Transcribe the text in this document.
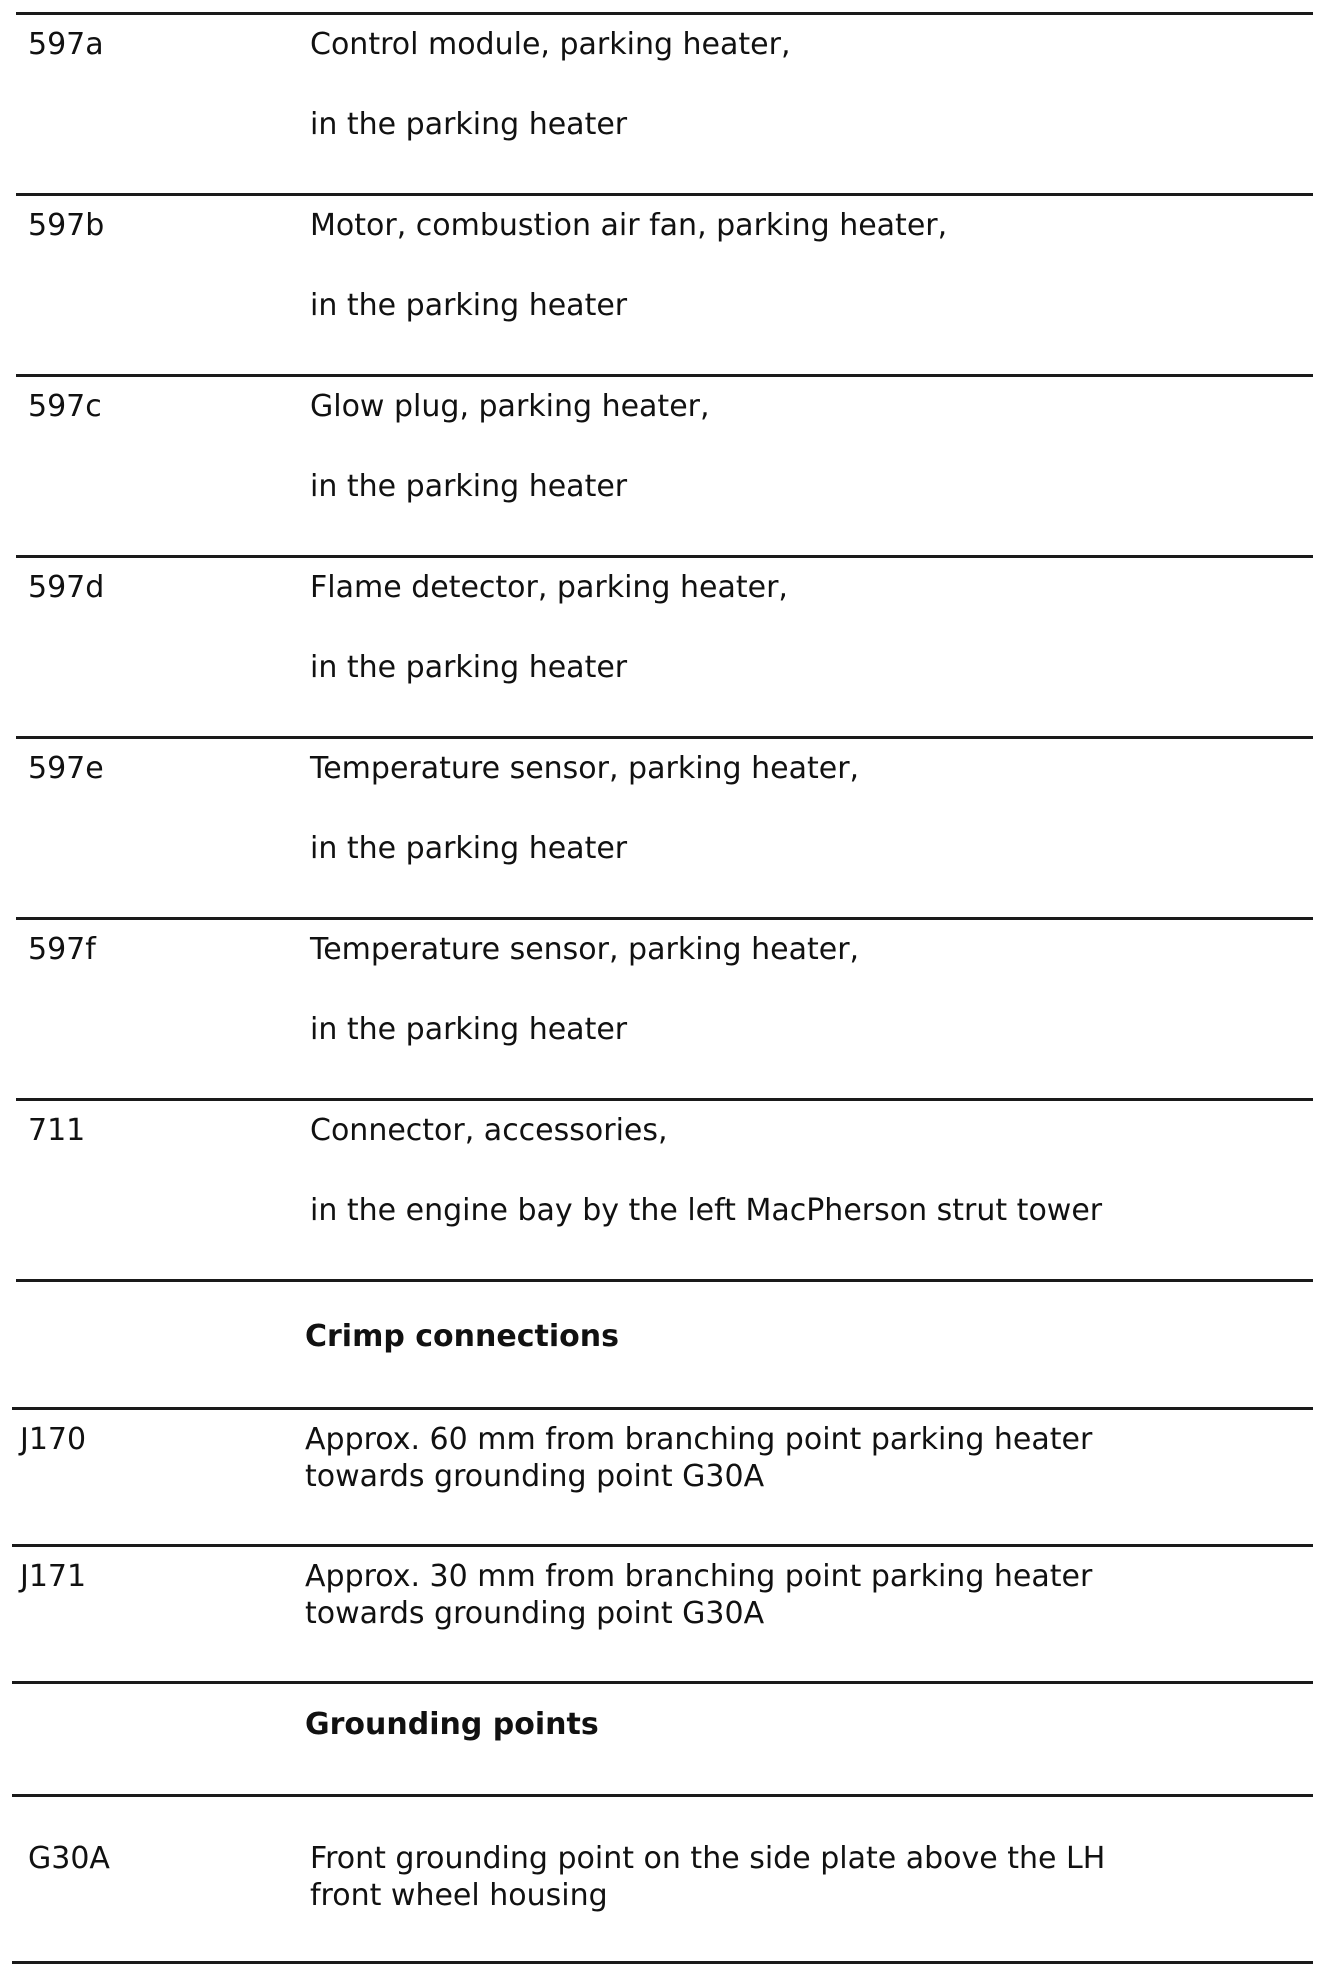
597a	Control module, parking heater,
in the parking heater
597b	Motor, combustion air fan, parking heater,
in the parking heater
597c	Glow plug, parking heater,
in the parking heater
597d	Flame detector, parking heater,
in the parking heater
597e	Temperature sensor, parking heater,
in the parking heater
597f	Temperature sensor, parking heater,
in the parking heater
711	Connector, accessories,
in the engine bay by the left MacPherson strut tower
Crimp connections
J170	Approx. 60 mm from branching point parking heater
towards grounding point G30A
J171	Approx. 30 mm from branching point parking heater
towards grounding point G30A
Grounding points
G30A	Front grounding point on the side plate above the LH
front wheel housing
